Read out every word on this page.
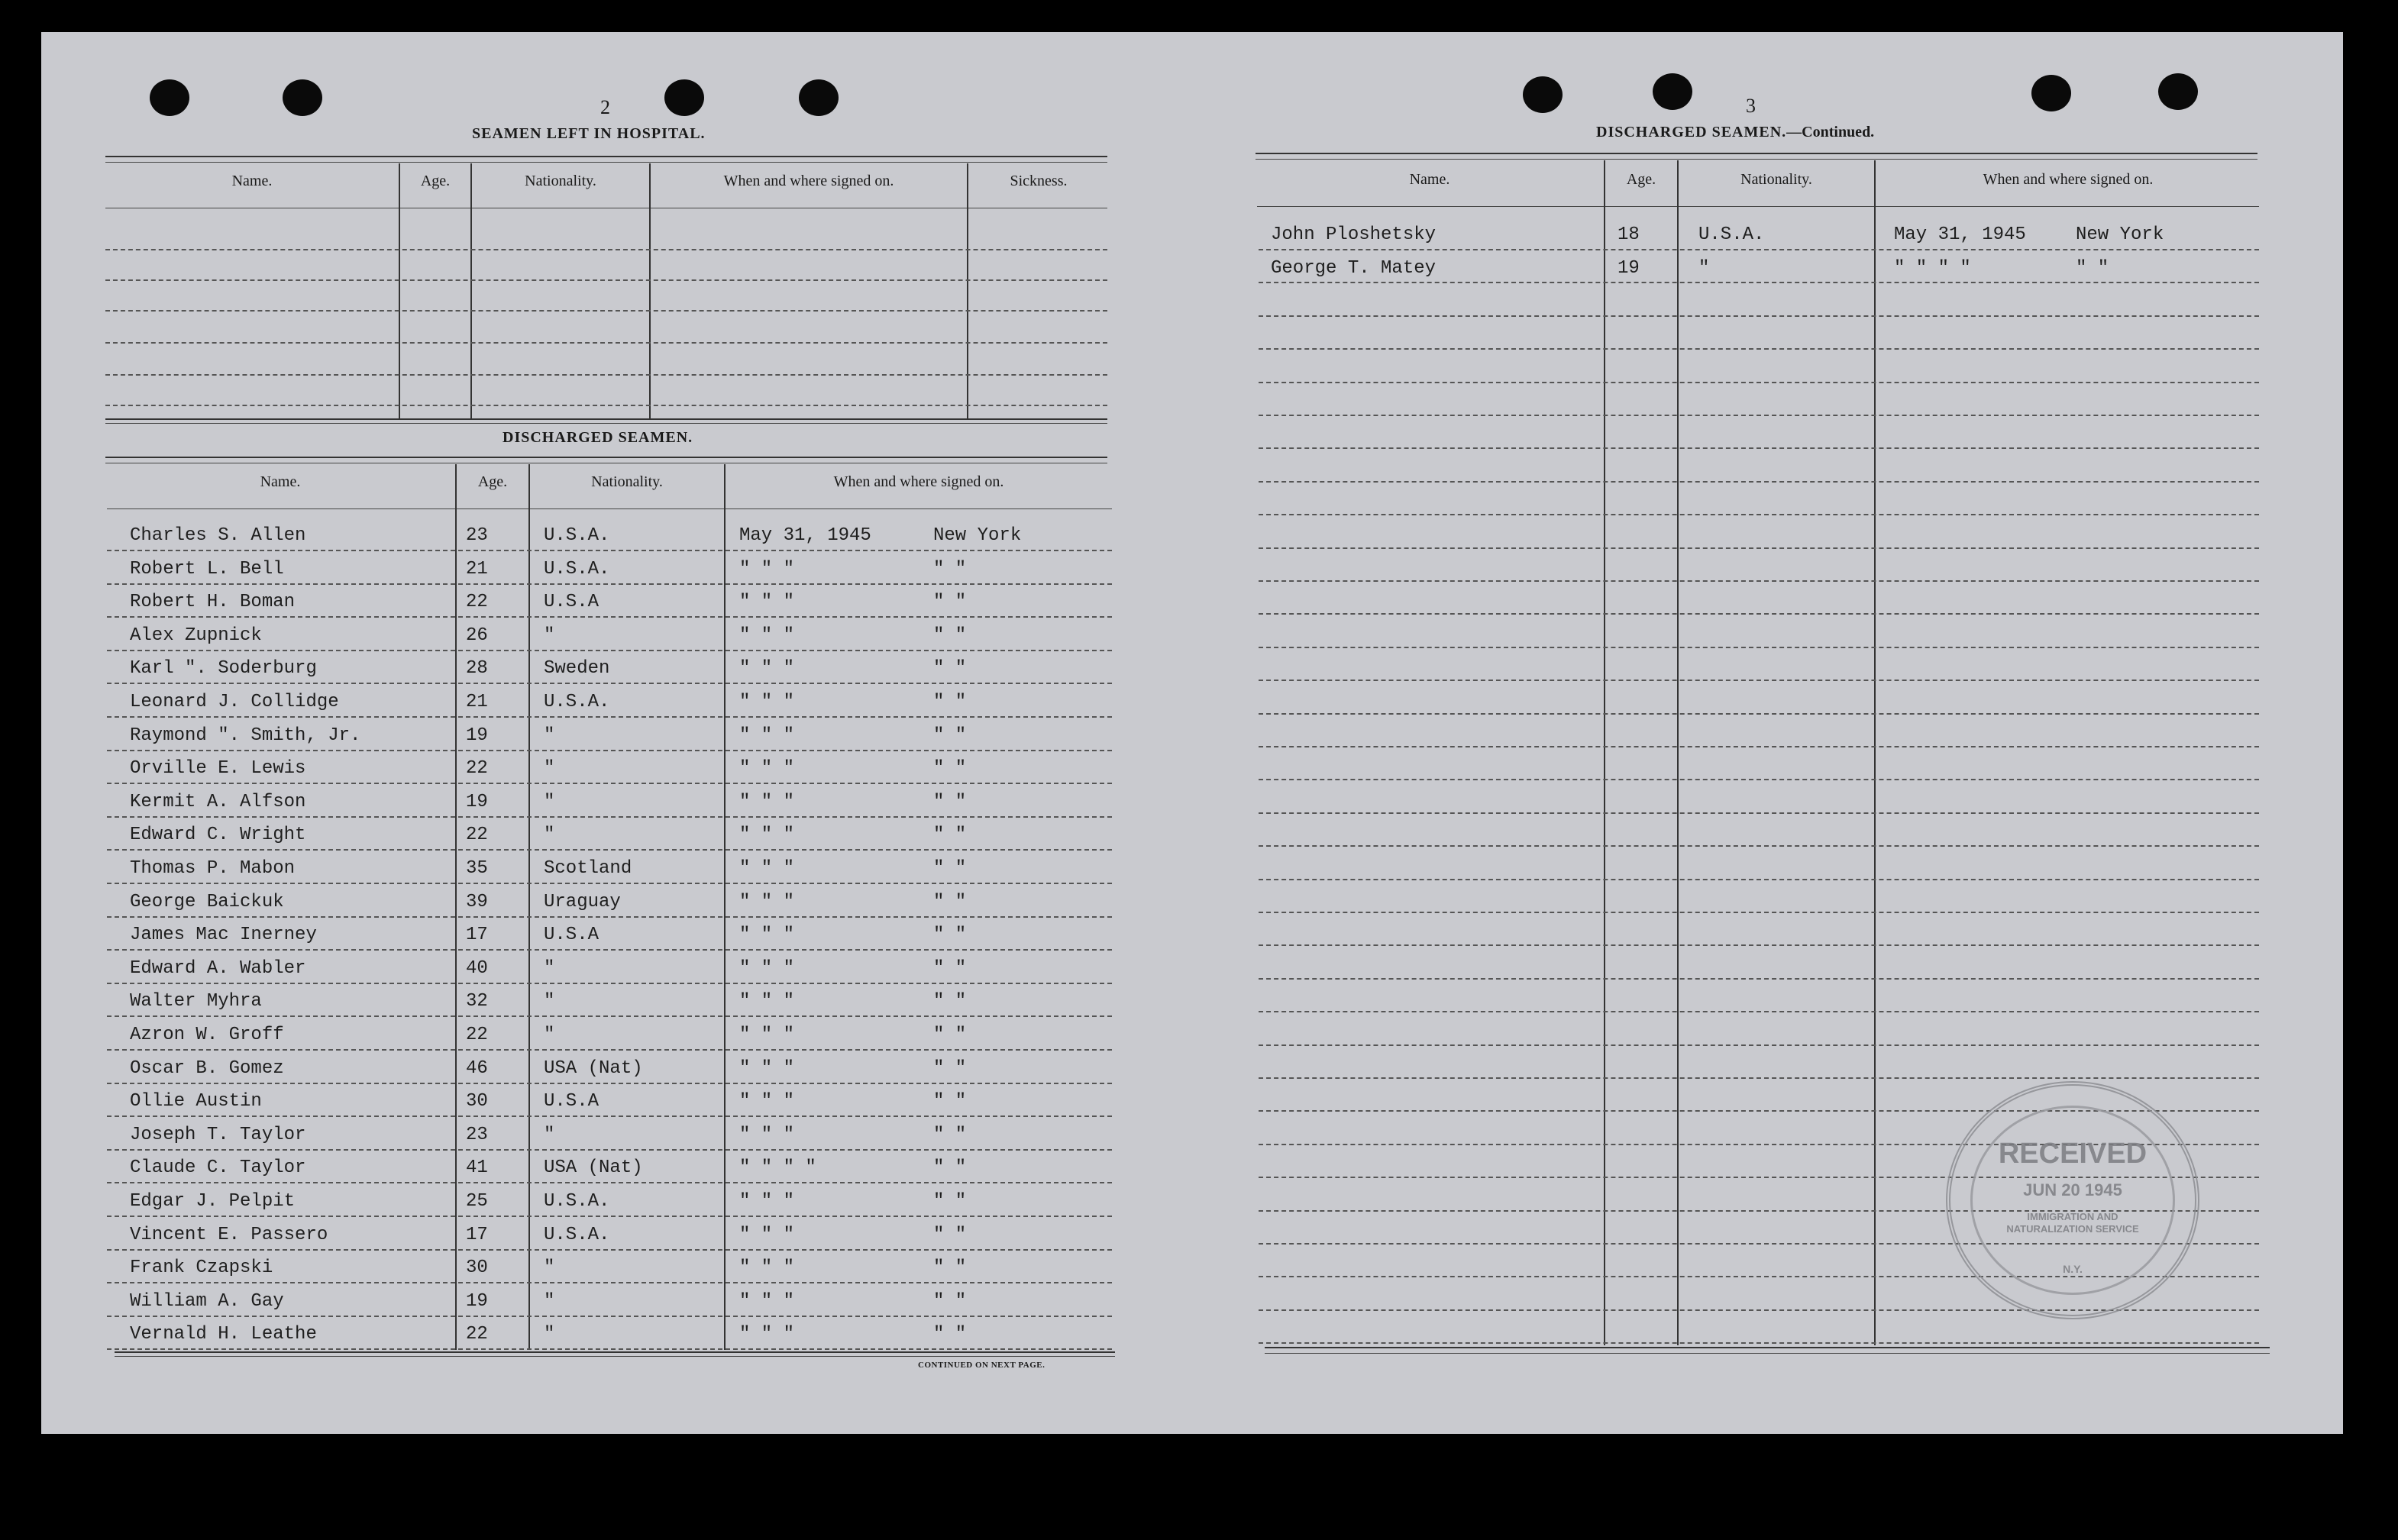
2
SEAMEN LEFT IN HOSPITAL.
Name.	Age.	Nationality.	When and where signed on.	Sickness.
DISCHARGED SEAMEN.
Name.	Age.	Nationality.	When and where signed on.
Charles S. Allen	23	U.S.A.	May 31, 1945	New York
Robert L. Bell	21	U.S.A.	" " "	" "
Robert H. Boman	22	U.S.A	" " "	" "
Alex Zupnick	26	"	" " "	" "
Karl ". Soderburg	28	Sweden	" " "	" "
Leonard J. Collidge	21	U.S.A.	" " "	" "
Raymond ". Smith, Jr.	19	"	" " "	" "
Orville E. Lewis	22	"	" " "	" "
Kermit A. Alfson	19	"	" " "	" "
Edward C. Wright	22	"	" " "	" "
Thomas P. Mabon	35	Scotland	" " "	" "
George Baickuk	39	Uraguay	" " "	" "
James Mac Inerney	17	U.S.A	" " "	" "
Edward A. Wabler	40	"	" " "	" "
Walter Myhra	32	"	" " "	" "
Azron W. Groff	22	"	" " "	" "
Oscar B. Gomez	46	USA (Nat)	" " "	" "
Ollie Austin	30	U.S.A	" " "	" "
Joseph T. Taylor	23	"	" " "	" "
Claude C. Taylor	41	USA (Nat)	" " " "	" "
Edgar J. Pelpit	25	U.S.A.	" " "	" "
Vincent E. Passero	17	U.S.A.	" " "	" "
Frank Czapski	30	"	" " "	" "
William A. Gay	19	"	" " "	" "
Vernald H. Leathe	22	"	" " "	" "
CONTINUED ON NEXT PAGE.
3
DISCHARGED SEAMEN.—Continued.
Name.	Age.	Nationality.	When and where signed on.
John Ploshetsky	18	U.S.A.	May 31, 1945	New York
George T. Matey	19	"	" " " "	" "
RECEIVED
JUN 20 1945
IMMIGRATION AND NATURALIZATION SERVICE
N.Y.
